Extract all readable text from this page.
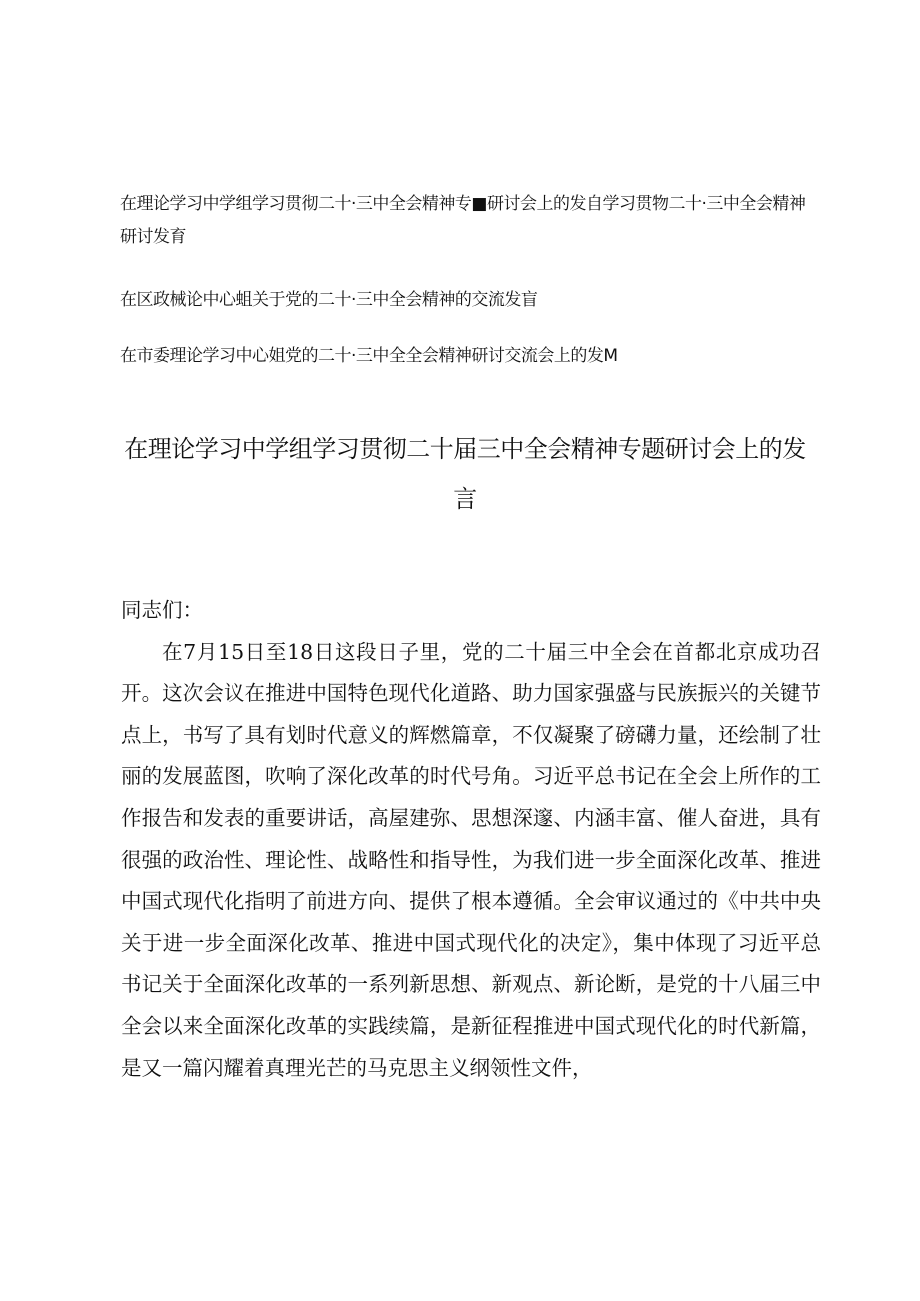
在理论学习中学组学习贯彻二十·三中全会精神专■研讨会上的发自学习贯物二十·三中全会精神研讨发育

在区政械论中心蛆关于党的二十·三中全会精神的交流发盲

在市委理论学习中心姐党的二十·三中全全会精神研讨交流会上的发M

在理论学习中学组学习贯彻二十届三中全会精神专题研讨会上的发言

同志们：

在7月15日至18日这段日子里，党的二十届三中全会在首都北京成功召开。这次会议在推进中国特色现代化道路、助力国家强盛与民族振兴的关键节点上，书写了具有划时代意义的辉燃篇章，不仅凝聚了磅礴力量，还绘制了壮丽的发展蓝图，吹响了深化改革的时代号角。习近平总书记在全会上所作的工作报告和发表的重要讲话，高屋建弥、思想深邃、内涵丰富、催人奋进，具有很强的政治性、理论性、战略性和指导性，为我们进一步全面深化改革、推进中国式现代化指明了前进方向、提供了根本遵循。全会审议通过的《中共中央关于进一步全面深化改革、推进中国式现代化的决定》，集中体现了习近平总书记关于全面深化改革的一系列新思想、新观点、新论断，是党的十八届三中全会以来全面深化改革的实践续篇，是新征程推进中国式现代化的时代新篇，是又一篇闪耀着真理光芒的马克思主义纲领性文件，
